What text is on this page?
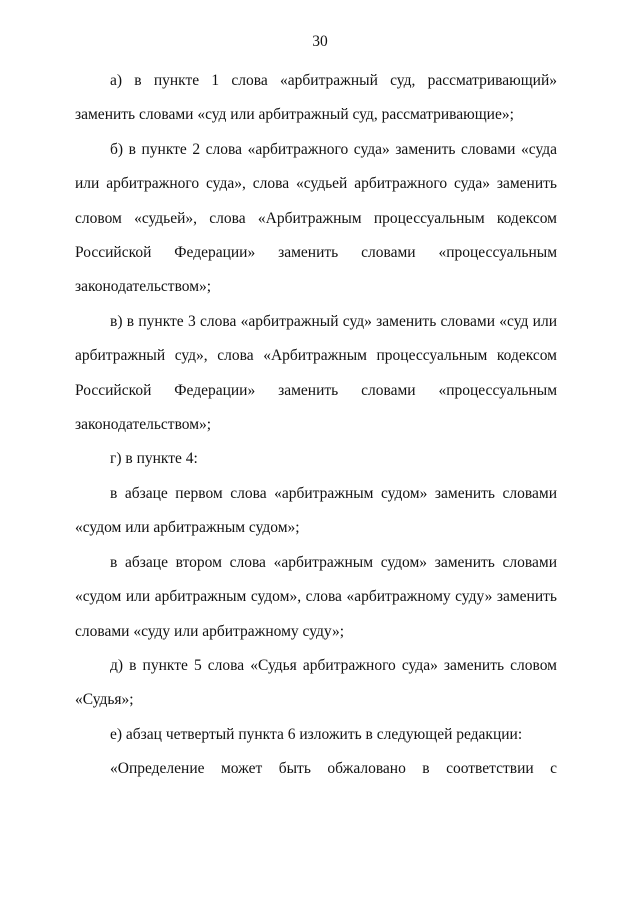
30

а) в пункте 1 слова «арбитражный суд, рассматривающий» заменить словами «суд или арбитражный суд, рассматривающие»;

б) в пункте 2 слова «арбитражного суда» заменить словами «суда или арбитражного суда», слова «судьей арбитражного суда» заменить словом «судьей», слова «Арбитражным процессуальным кодексом Российской Федерации» заменить словами «процессуальным законодательством»;

в) в пункте 3 слова «арбитражный суд» заменить словами «суд или арбитражный суд», слова «Арбитражным процессуальным кодексом Российской Федерации» заменить словами «процессуальным законодательством»;

г) в пункте 4:

в абзаце первом слова «арбитражным судом» заменить словами «судом или арбитражным судом»;

в абзаце втором слова «арбитражным судом» заменить словами «судом или арбитражным судом», слова «арбитражному суду» заменить словами «суду или арбитражному суду»;

д) в пункте 5 слова «Судья арбитражного суда» заменить словом «Судья»;

е) абзац четвертый пункта 6 изложить в следующей редакции:

«Определение может быть обжаловано в соответствии с
